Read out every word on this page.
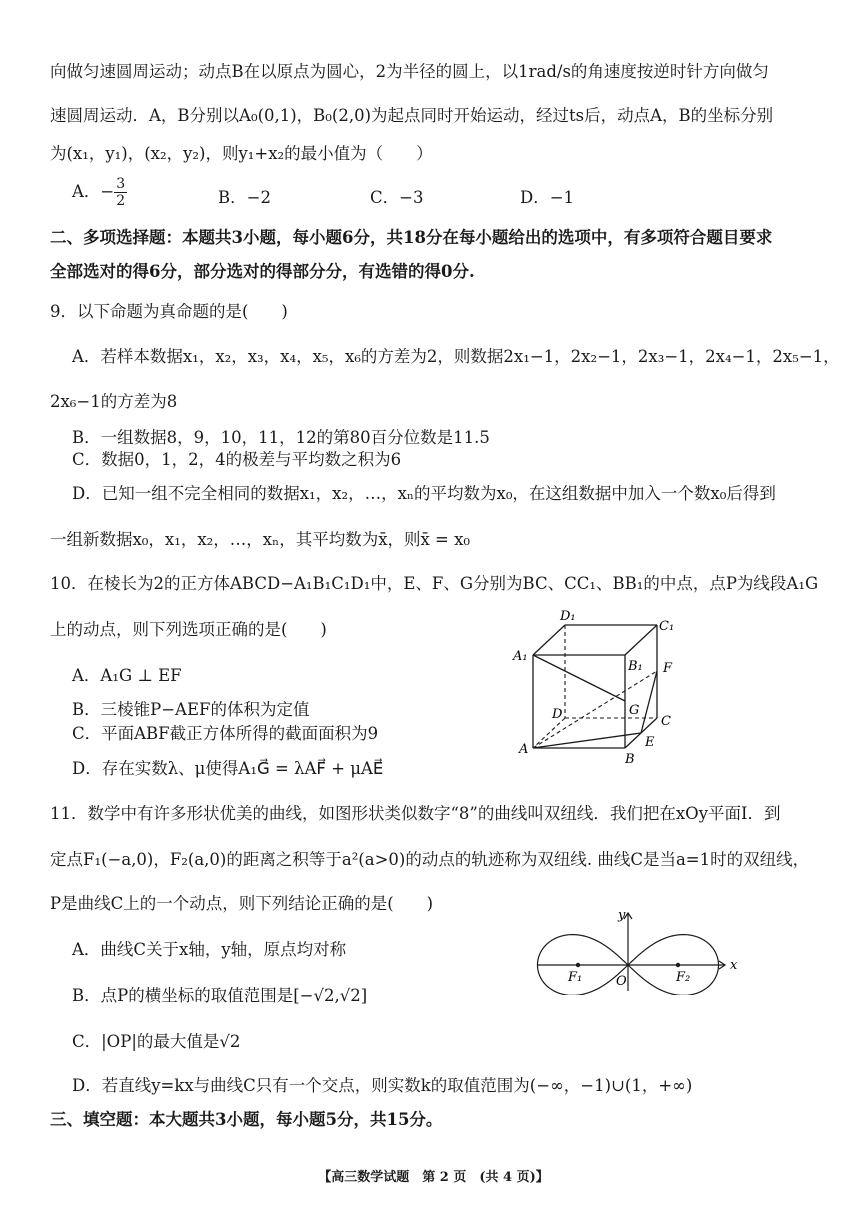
向做匀速圆周运动；动点B在以原点为圆心，2为半径的圆上，以1rad/s的角速度按逆时针方向做匀
速圆周运动．A，B分别以A₀(0,1)，B₀(2,0)为起点同时开始运动，经过ts后，动点A，B的坐标分别
为(x₁，y₁)，(x₂，y₂)，则y₁+x₂的最小值为（　　）
A．− $\frac{3}{2}$	B．−2	C．−3	D．−1
二、多项选择题：本题共3小题，每小题6分，共18分在每小题给出的选项中，有多项符合题目要求
全部选对的得6分，部分选对的得部分分，有选错的得0分.
9．以下命题为真命题的是(　　)
A．若样本数据x₁，x₂，x₃，x₄，x₅，x₆的方差为2，则数据2x₁−1，2x₂−1，2x₃−1，2x₄−1，2x₅−1，
2x₆−1的方差为8
B．一组数据8，9，10，11，12的第80百分位数是11.5
C．数据0，1，2，4的极差与平均数之积为6
D．已知一组不完全相同的数据x₁，x₂，…，xₙ的平均数为x₀，在这组数据中加入一个数x₀后得到
一组新数据x₀，x₁，x₂，…，xₙ，其平均数为x̄，则x̄ = x₀
10．在棱长为2的正方体ABCD−A₁B₁C₁D₁中，E、F、G分别为BC、CC₁、BB₁的中点，点P为线段A₁G
上的动点，则下列选项正确的是(　　)
A．A₁G ⊥ EF
B．三棱锥P−AEF的体积为定值
C．平面ABF截正方体所得的截面面积为9
D．存在实数λ、μ使得A₁G⃗ = λAF⃗ + μAE⃗
D₁
C₁
A₁
B₁ F
D	G
C
E
A
B
11．数学中有许多形状优美的曲线，如图形状类似数字“8”的曲线叫双纽线．我们把在xOy平面I．到
定点F₁(−a,0)，F₂(a,0)的距离之积等于a²(a>0)的动点的轨迹称为双纽线. 曲线C是当a=1时的双纽线，
P是曲线C上的一个动点，则下列结论正确的是(　　)
A．曲线C关于x轴，y轴，原点均对称
B．点P的横坐标的取值范围是[−√2,√2]
C．|OP|的最大值是√2
D．若直线y=kx与曲线C只有一个交点，则实数k的取值范围为(−∞，−1)∪(1，+∞)
x
y
O
F₁	F₂
三、填空题：本大题共3小题，每小题5分，共15分。
【高三数学试题　第 2 页　(共 4 页)】
